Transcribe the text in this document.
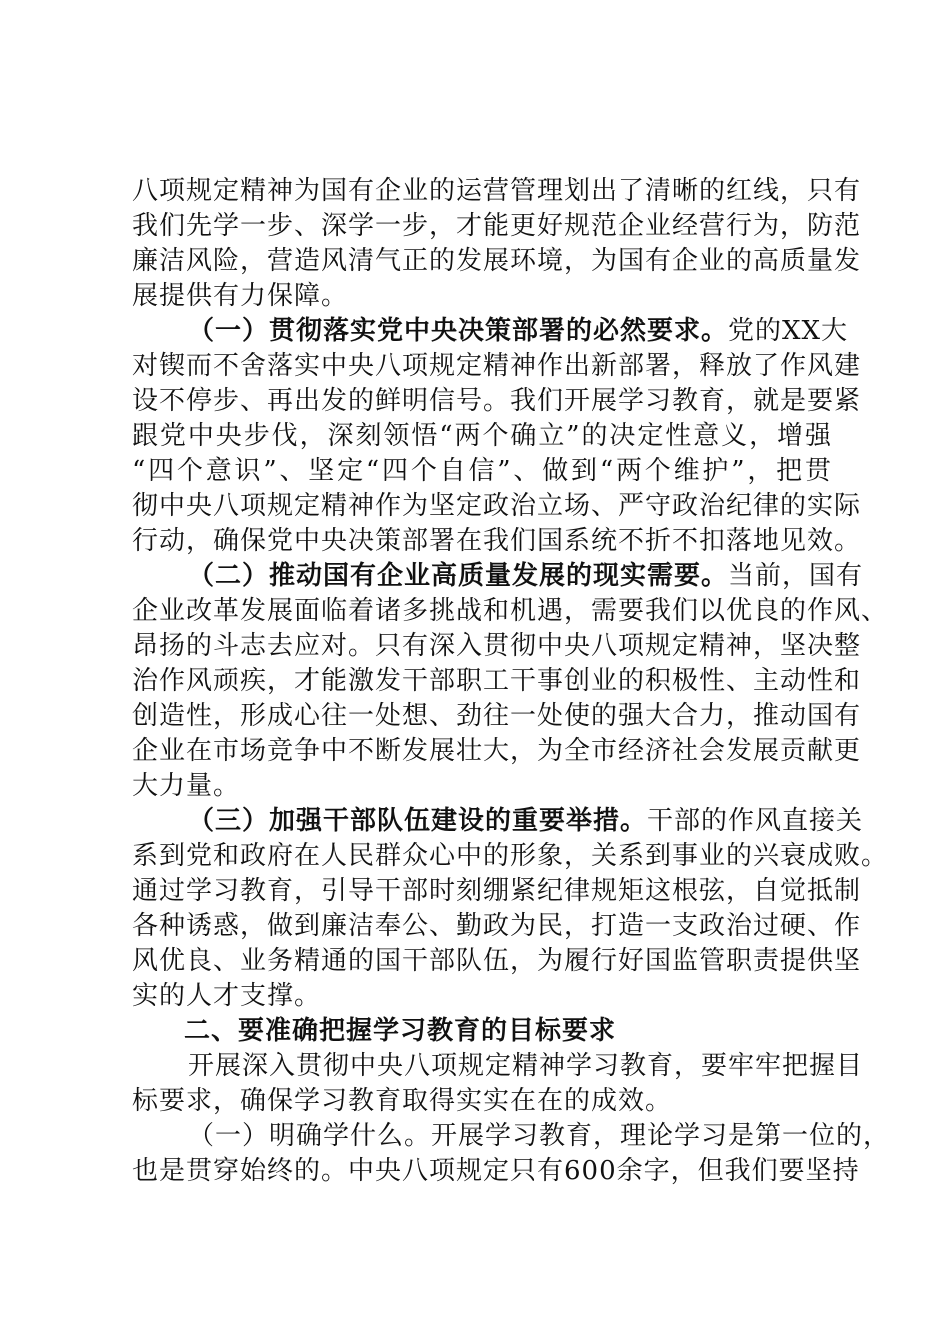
八项规定精神为国有企业的运营管理划出了清晰的红线，只有
我们先学一步、深学一步，才能更好规范企业经营行为，防范
廉洁风险，营造风清气正的发展环境，为国有企业的高质量发
展提供有力保障。
（一）贯彻落实党中央决策部署的必然要求。党的XX大
对锲而不舍落实中央八项规定精神作出新部署，释放了作风建
设不停步、再出发的鲜明信号。我们开展学习教育，就是要紧
跟党中央步伐，深刻领悟“两个确立”的决定性意义，增强
“四个意识”、坚定“四个自信”、做到“两个维护”，把贯
彻中央八项规定精神作为坚定政治立场、严守政治纪律的实际
行动，确保党中央决策部署在我们国系统不折不扣落地见效。
（二）推动国有企业高质量发展的现实需要。当前，国有
企业改革发展面临着诸多挑战和机遇，需要我们以优良的作风、
昂扬的斗志去应对。只有深入贯彻中央八项规定精神，坚决整
治作风顽疾，才能激发干部职工干事创业的积极性、主动性和
创造性，形成心往一处想、劲往一处使的强大合力，推动国有
企业在市场竞争中不断发展壮大，为全市经济社会发展贡献更
大力量。
（三）加强干部队伍建设的重要举措。干部的作风直接关
系到党和政府在人民群众心中的形象，关系到事业的兴衰成败。
通过学习教育，引导干部时刻绷紧纪律规矩这根弦，自觉抵制
各种诱惑，做到廉洁奉公、勤政为民，打造一支政治过硬、作
风优良、业务精通的国干部队伍，为履行好国监管职责提供坚
实的人才支撑。
二、要准确把握学习教育的目标要求
开展深入贯彻中央八项规定精神学习教育，要牢牢把握目
标要求，确保学习教育取得实实在在的成效。
（一）明确学什么。开展学习教育，理论学习是第一位的，
也是贯穿始终的。中央八项规定只有600余字，但我们要坚持
